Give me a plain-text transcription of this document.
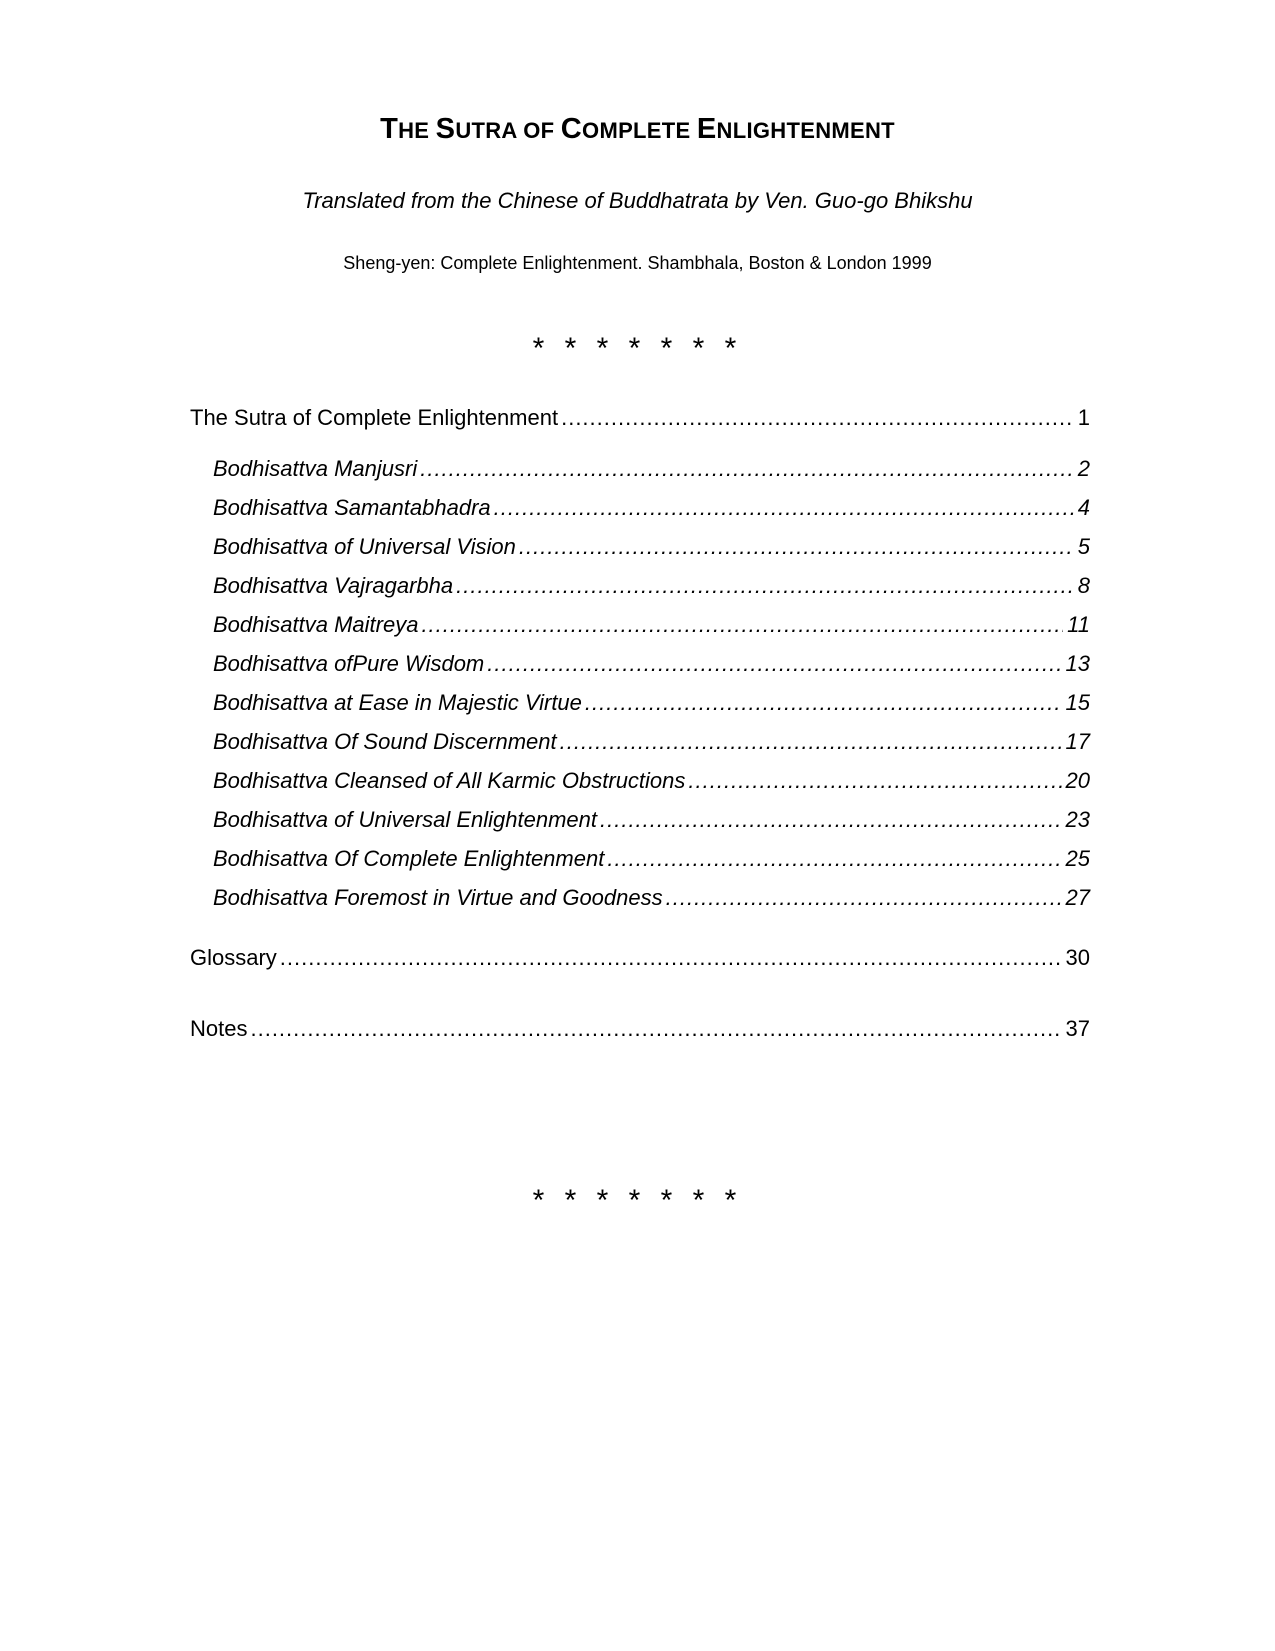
THE SUTRA OF COMPLETE ENLIGHTENMENT
Translated from the Chinese of Buddhatrata by Ven. Guo-go Bhikshu
Sheng-yen: Complete Enlightenment. Shambhala, Boston & London 1999
* * * * * * *
The Sutra of Complete Enlightenment .....	1
Bodhisattva Manjusri .....	2
Bodhisattva Samantabhadra .....	4
Bodhisattva of Universal Vision .....	5
Bodhisattva Vajragarbha .....	8
Bodhisattva Maitreya .....	11
Bodhisattva ofPure Wisdom .....	13
Bodhisattva at Ease in Majestic Virtue .....	15
Bodhisattva Of Sound Discernment .....	17
Bodhisattva Cleansed of All Karmic Obstructions .....	20
Bodhisattva of Universal Enlightenment .....	23
Bodhisattva Of Complete Enlightenment .....	25
Bodhisattva Foremost in Virtue and Goodness .....	27
Glossary .....	30
Notes .....	37
* * * * * * *
